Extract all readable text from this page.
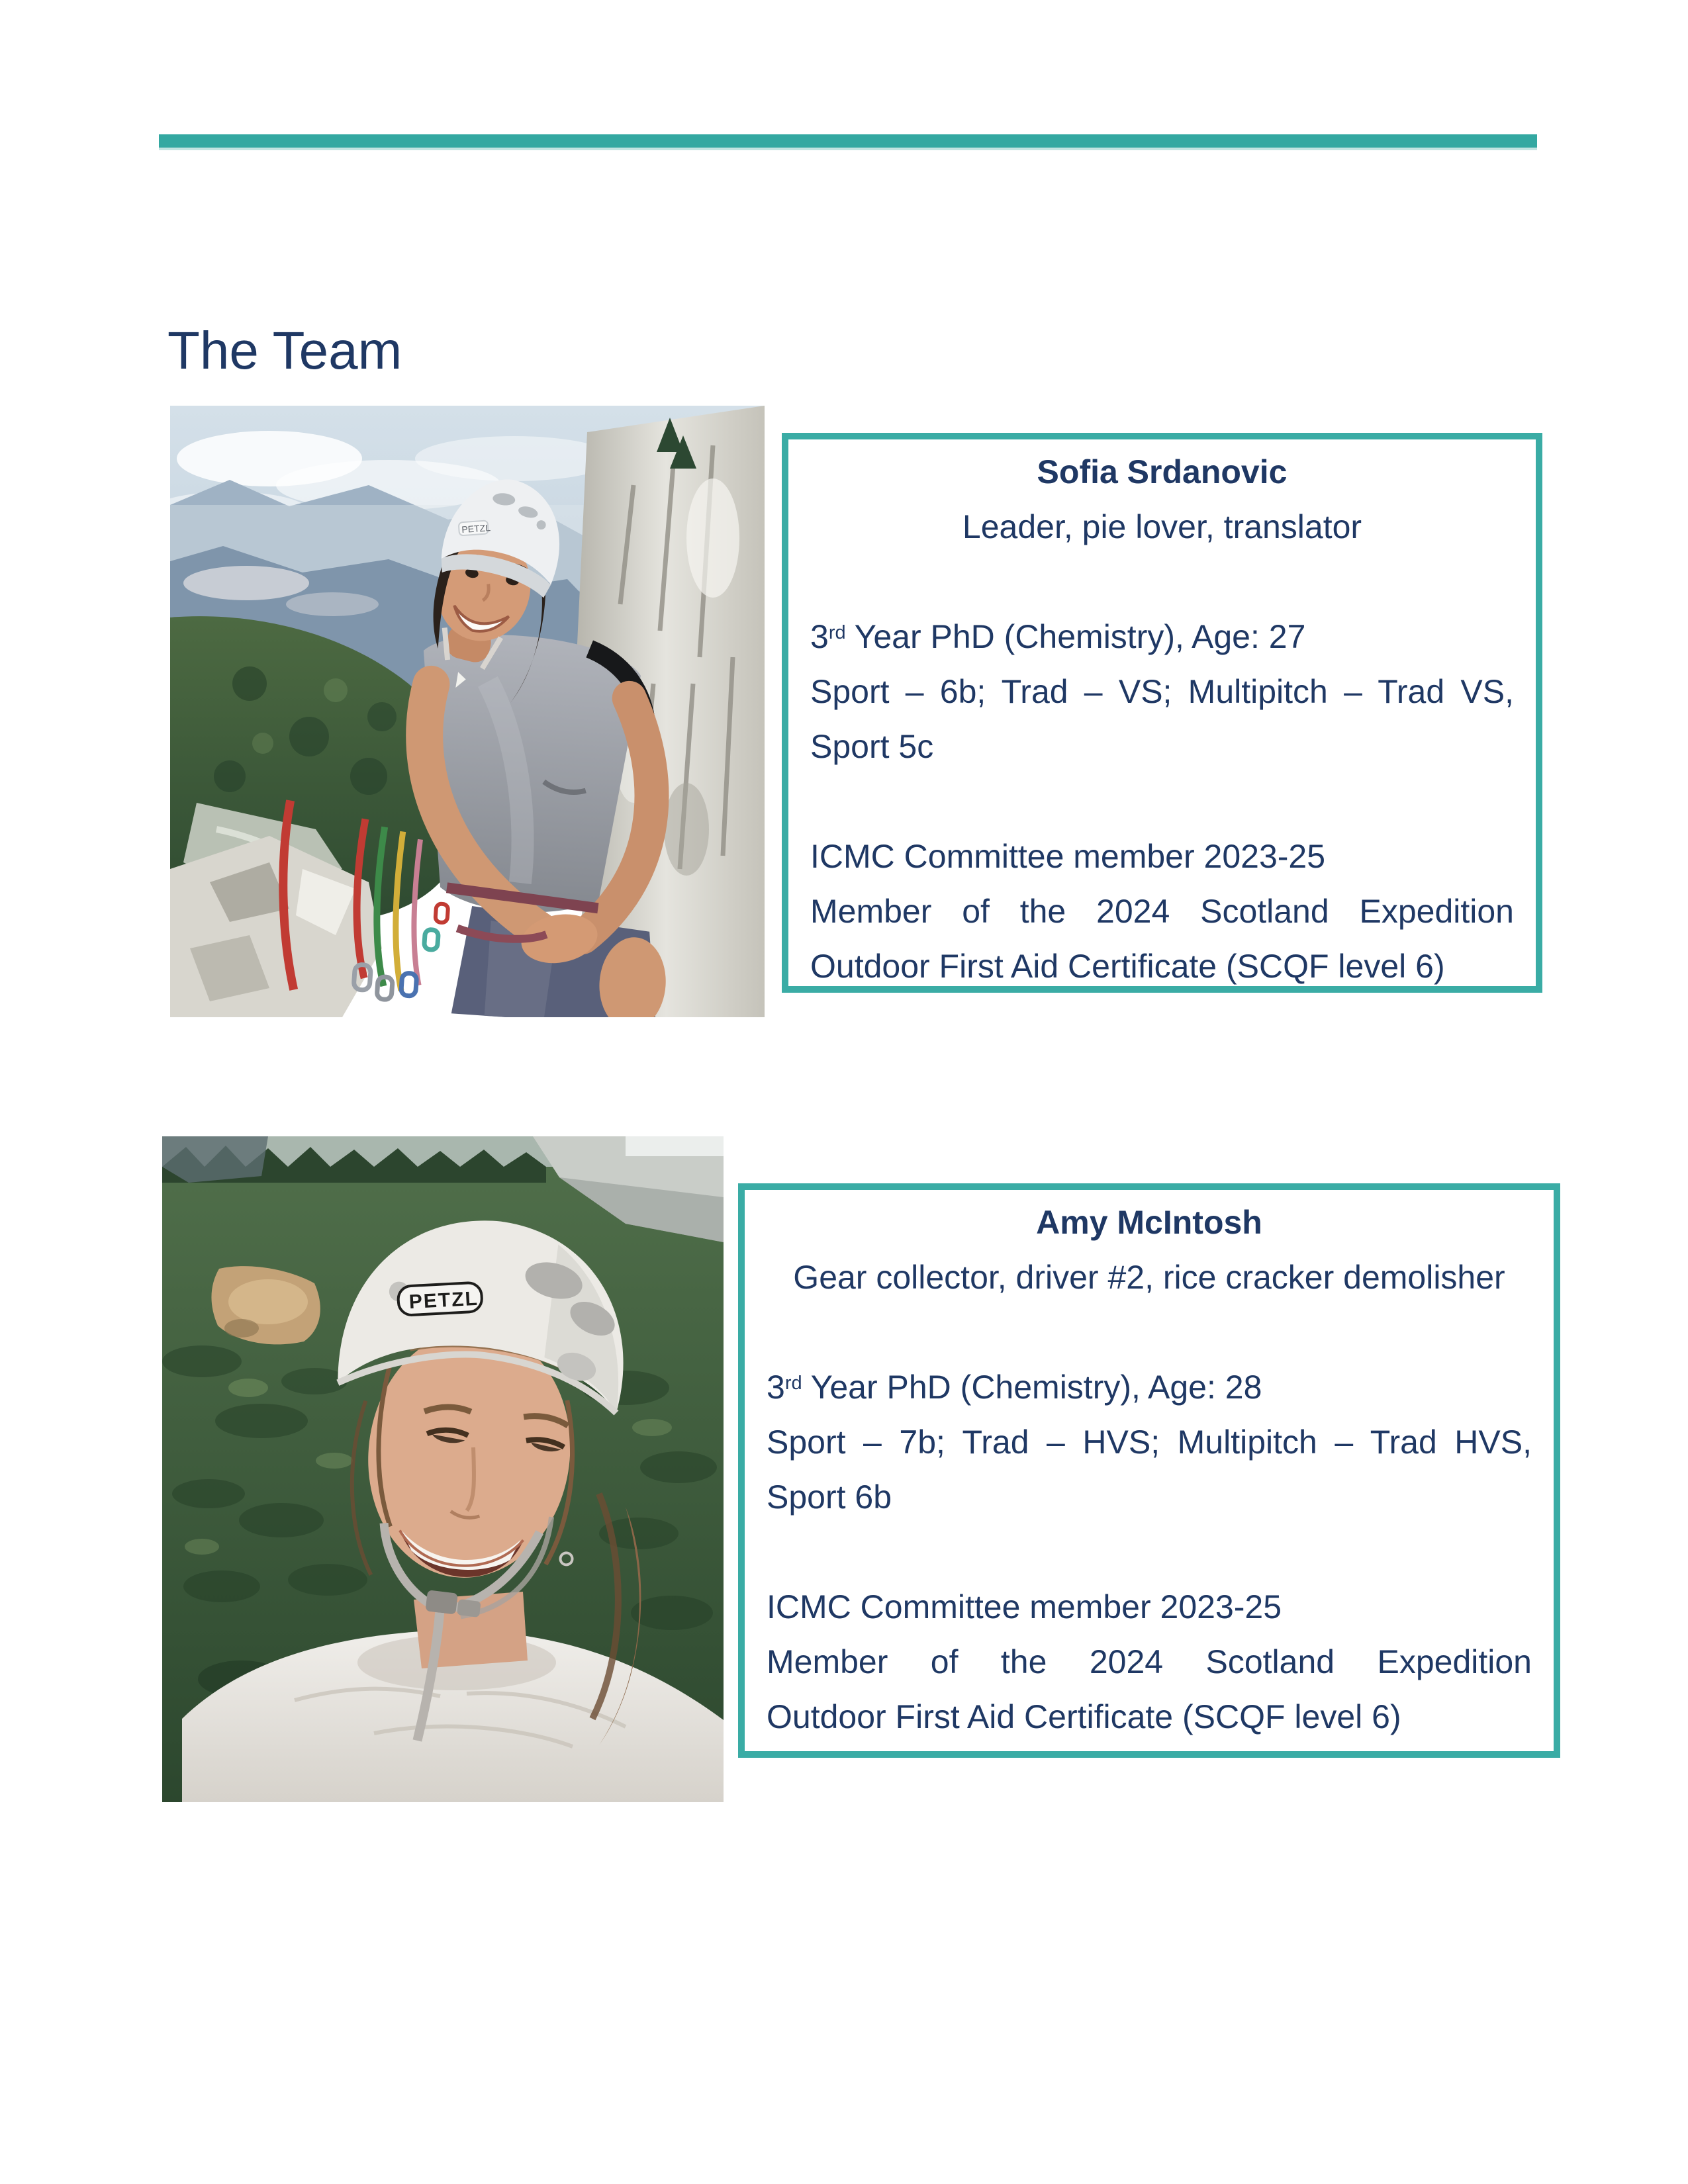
The Team
PETZL
Sofia Srdanovic
Leader, pie lover, translator

3rd Year PhD (Chemistry), Age: 27
Sport – 6b; Trad – VS; Multipitch – Trad VS,
Sport 5c

ICMC Committee member 2023-25
Member of the 2024 Scotland Expedition
Outdoor First Aid Certificate (SCQF level 6)
PETZL
Amy McIntosh
Gear collector, driver #2, rice cracker demolisher

3rd Year PhD (Chemistry), Age: 28
Sport – 7b; Trad – HVS; Multipitch – Trad HVS,
Sport 6b

ICMC Committee member 2023-25
Member of the 2024 Scotland Expedition
Outdoor First Aid Certificate (SCQF level 6)
